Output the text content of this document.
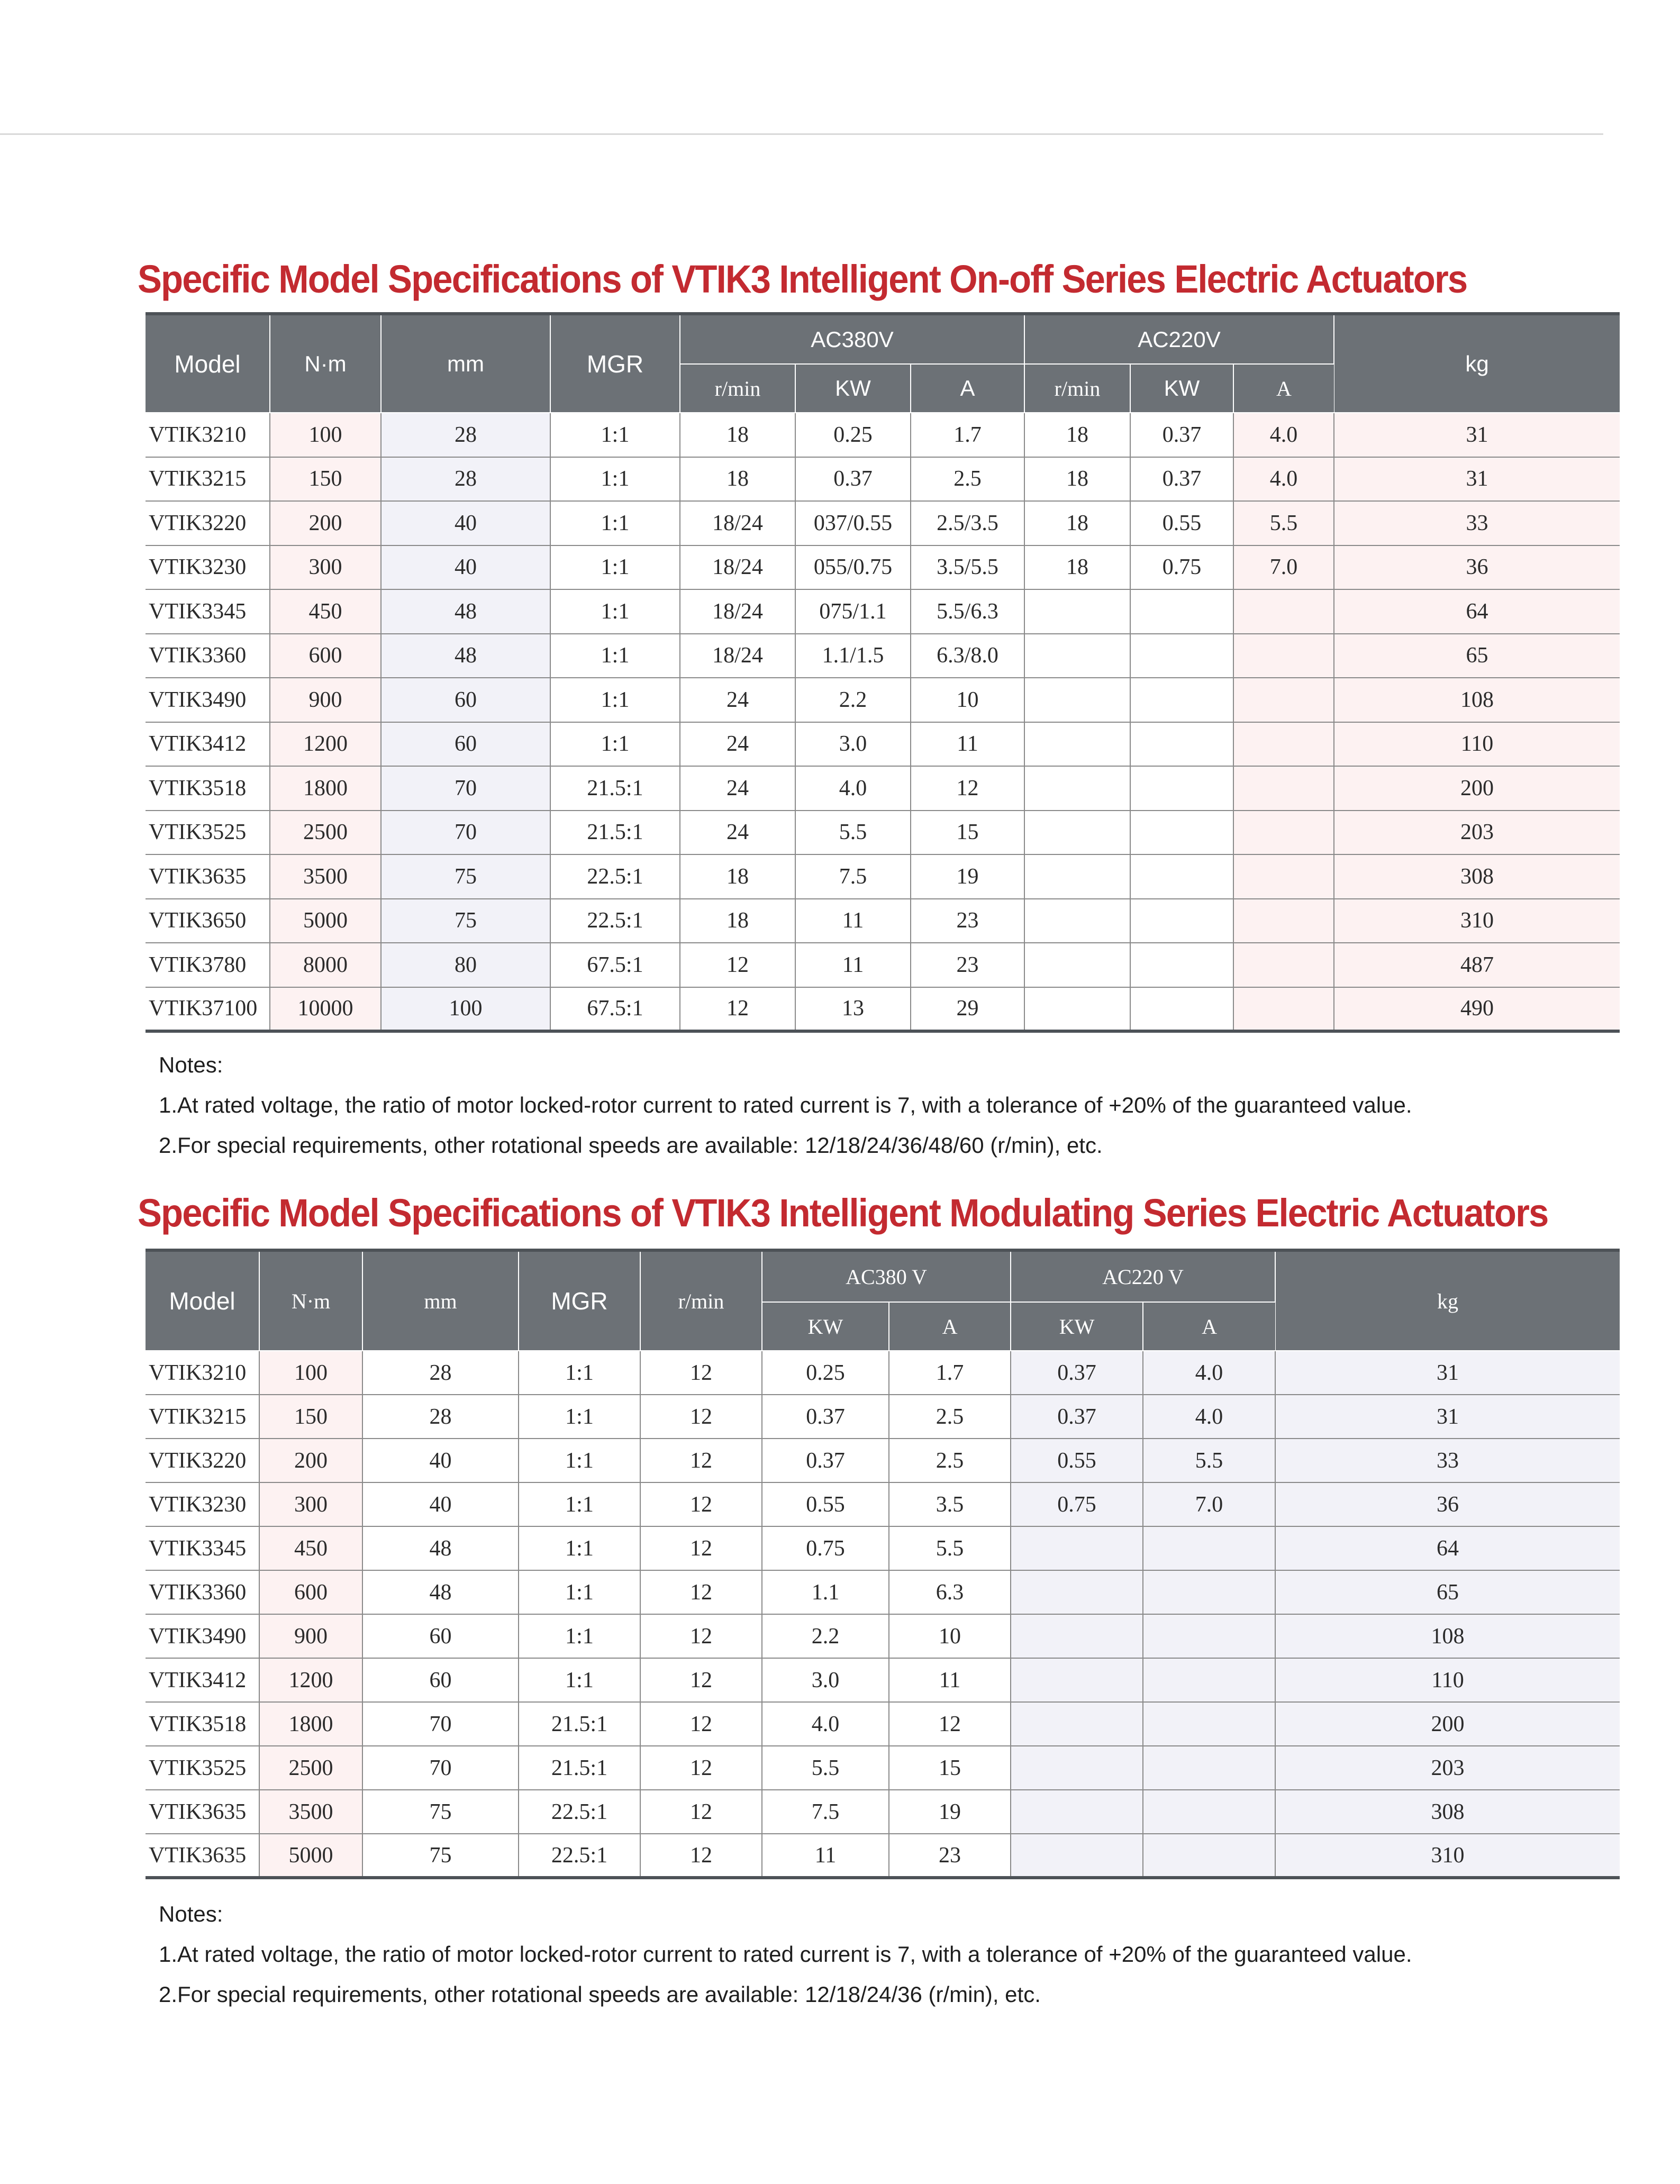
Specific Model Specifications of VTIK3 Intelligent On-off Series Electric Actuators
Model	N·m	mm	MGR	AC380V			AC220V			kg
				r/min	KW	A	r/min	KW	A	
VTIK3210	100	28	1:1	18	0.25	1.7	18	0.37	4.0	31
VTIK3215	150	28	1:1	18	0.37	2.5	18	0.37	4.0	31
VTIK3220	200	40	1:1	18/24	037/0.55	2.5/3.5	18	0.55	5.5	33
VTIK3230	300	40	1:1	18/24	055/0.75	3.5/5.5	18	0.75	7.0	36
VTIK3345	450	48	1:1	18/24	075/1.1	5.5/6.3				64
VTIK3360	600	48	1:1	18/24	1.1/1.5	6.3/8.0				65
VTIK3490	900	60	1:1	24	2.2	10				108
VTIK3412	1200	60	1:1	24	3.0	11				110
VTIK3518	1800	70	21.5:1	24	4.0	12				200
VTIK3525	2500	70	21.5:1	24	5.5	15				203
VTIK3635	3500	75	22.5:1	18	7.5	19				308
VTIK3650	5000	75	22.5:1	18	11	23				310
VTIK3780	8000	80	67.5:1	12	11	23				487
VTIK37100	10000	100	67.5:1	12	13	29				490
Notes:
1.At rated voltage, the ratio of motor locked-rotor current to rated current is 7, with a tolerance of +20% of the guaranteed value.
2.For special requirements, other rotational speeds are available: 12/18/24/36/48/60 (r/min), etc.
Specific Model Specifications of VTIK3 Intelligent Modulating Series Electric Actuators
Model	N·m	mm	MGR	r/min	AC380 V		AC220 V		kg
					KW	A	KW	A	
VTIK3210	100	28	1:1	12	0.25	1.7	0.37	4.0	31
VTIK3215	150	28	1:1	12	0.37	2.5	0.37	4.0	31
VTIK3220	200	40	1:1	12	0.37	2.5	0.55	5.5	33
VTIK3230	300	40	1:1	12	0.55	3.5	0.75	7.0	36
VTIK3345	450	48	1:1	12	0.75	5.5			64
VTIK3360	600	48	1:1	12	1.1	6.3			65
VTIK3490	900	60	1:1	12	2.2	10			108
VTIK3412	1200	60	1:1	12	3.0	11			110
VTIK3518	1800	70	21.5:1	12	4.0	12			200
VTIK3525	2500	70	21.5:1	12	5.5	15			203
VTIK3635	3500	75	22.5:1	12	7.5	19			308
VTIK3635	5000	75	22.5:1	12	11	23			310
Notes:
1.At rated voltage, the ratio of motor locked-rotor current to rated current is 7, with a tolerance of +20% of the guaranteed value.
2.For special requirements, other rotational speeds are available: 12/18/24/36 (r/min), etc.
